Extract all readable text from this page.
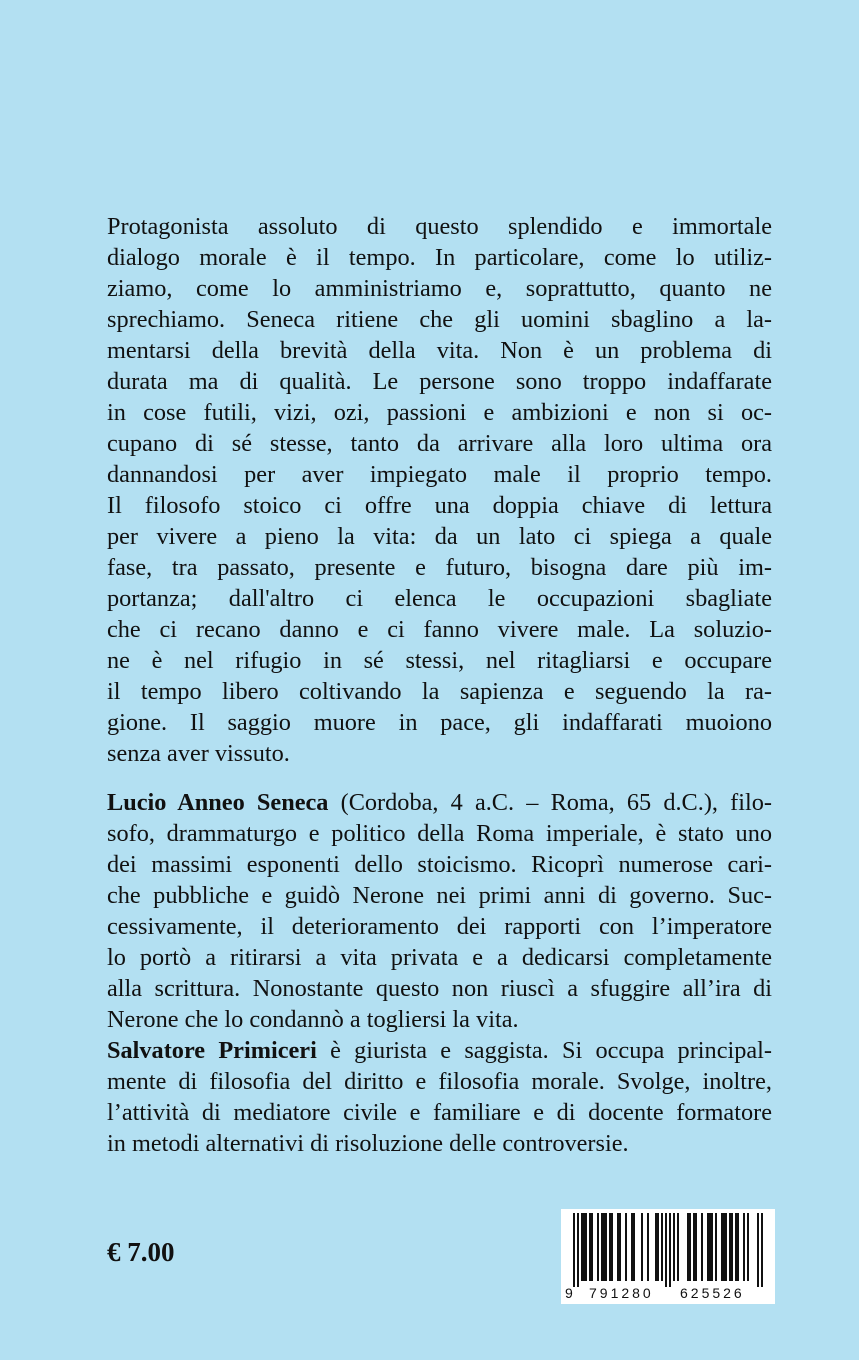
Protagonista assoluto di questo splendido e immortale
dialogo morale è il tempo. In particolare, come lo utiliz-
ziamo, come lo amministriamo e, soprattutto, quanto ne
sprechiamo. Seneca ritiene che gli uomini sbaglino a la-
mentarsi della brevità della vita. Non è un problema di
durata ma di qualità. Le persone sono troppo indaffarate
in cose futili, vizi, ozi, passioni e ambizioni e non si oc-
cupano di sé stesse, tanto da arrivare alla loro ultima ora
dannandosi per aver impiegato male il proprio tempo.
Il filosofo stoico ci offre una doppia chiave di lettura
per vivere a pieno la vita: da un lato ci spiega a quale
fase, tra passato, presente e futuro, bisogna dare più im-
portanza; dall'altro ci elenca le occupazioni sbagliate
che ci recano danno e ci fanno vivere male. La soluzio-
ne è nel rifugio in sé stessi, nel ritagliarsi e occupare
il tempo libero coltivando la sapienza e seguendo la ra-
gione. Il saggio muore in pace, gli indaffarati muoiono
senza aver vissuto.
Lucio Anneo Seneca (Cordoba, 4 a.C. – Roma, 65 d.C.), filo-
sofo, drammaturgo e politico della Roma imperiale, è stato uno
dei massimi esponenti dello stoicismo. Ricoprì numerose cari-
che pubbliche e guidò Nerone nei primi anni di governo. Suc-
cessivamente, il deterioramento dei rapporti con l’imperatore
lo portò a ritirarsi a vita privata e a dedicarsi completamente
alla scrittura. Nonostante questo non riuscì a sfuggire all’ira di
Nerone che lo condannò a togliersi la vita.
Salvatore Primiceri è giurista e saggista. Si occupa principal-
mente di filosofia del diritto e filosofia morale. Svolge, inoltre,
l’attività di mediatore civile e familiare e di docente formatore
in metodi alternativi di risoluzione delle controversie.

€ 7.00

9 791280 625526
